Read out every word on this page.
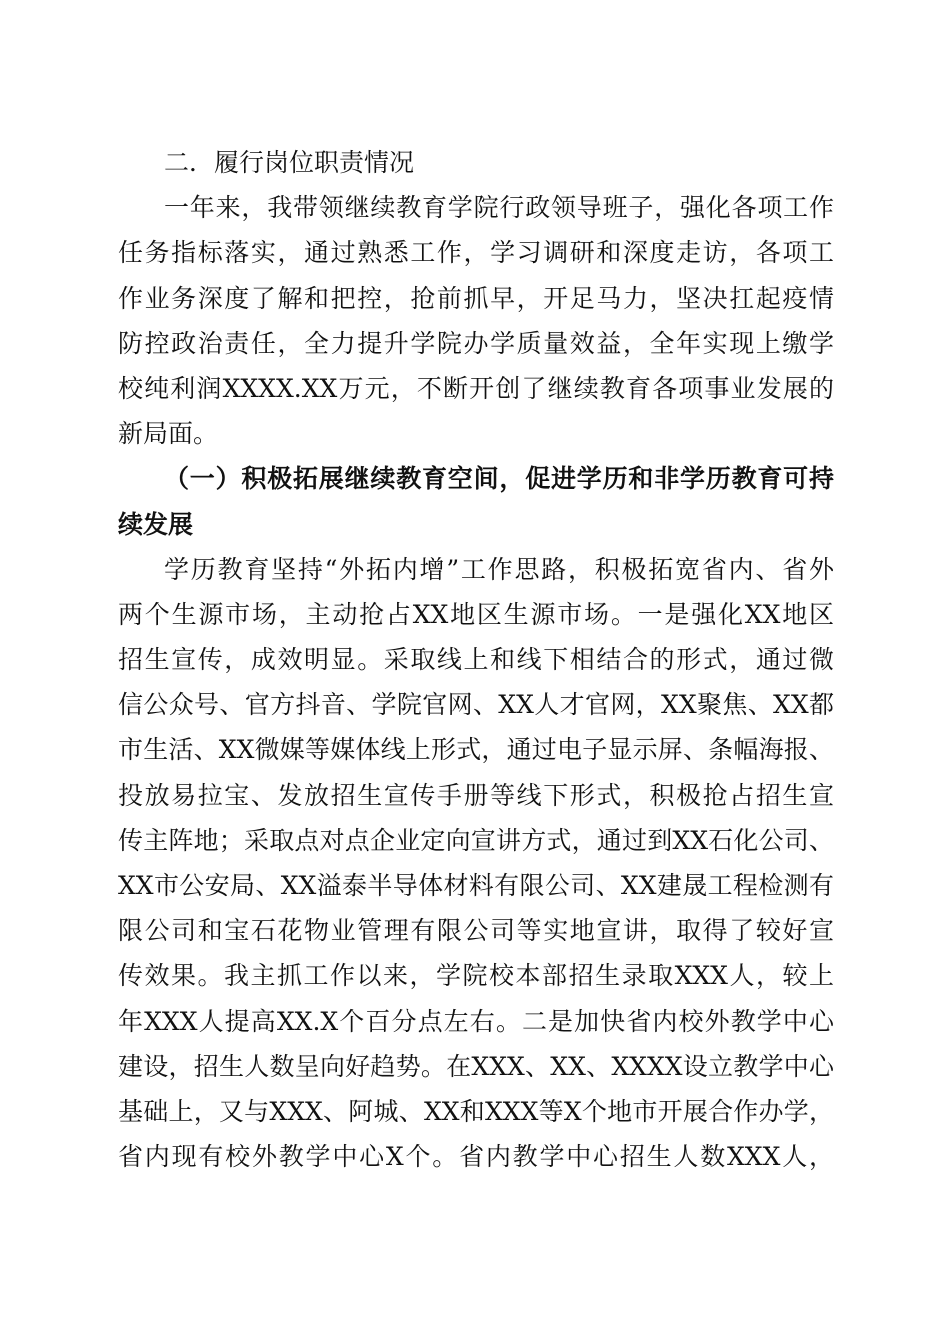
二．履行岗位职责情况
一年来，我带领继续教育学院行政领导班子，强化各项工作
任务指标落实，通过熟悉工作，学习调研和深度走访，各项工
作业务深度了解和把控，抢前抓早，开足马力，坚决扛起疫情
防控政治责任，全力提升学院办学质量效益，全年实现上缴学
校纯利润XXXX.XX万元，不断开创了继续教育各项事业发展的
新局面。
（一）积极拓展继续教育空间，促进学历和非学历教育可持
续发展
学历教育坚持“外拓内增”工作思路，积极拓宽省内、省外
两个生源市场，主动抢占XX地区生源市场。一是强化XX地区
招生宣传，成效明显。采取线上和线下相结合的形式，通过微
信公众号、官方抖音、学院官网、XX人才官网，XX聚焦、XX都
市生活、XX微媒等媒体线上形式，通过电子显示屏、条幅海报、
投放易拉宝、发放招生宣传手册等线下形式，积极抢占招生宣
传主阵地；采取点对点企业定向宣讲方式，通过到XX石化公司、
XX市公安局、XX溢泰半导体材料有限公司、XX建晟工程检测有
限公司和宝石花物业管理有限公司等实地宣讲，取得了较好宣
传效果。我主抓工作以来，学院校本部招生录取XXX人，较上
年XXX人提高XX.X个百分点左右。二是加快省内校外教学中心
建设，招生人数呈向好趋势。在XXX、XX、XXXX设立教学中心
基础上，又与XXX、阿城、XX和XXX等X个地市开展合作办学，
省内现有校外教学中心X个。省内教学中心招生人数XXX人，
